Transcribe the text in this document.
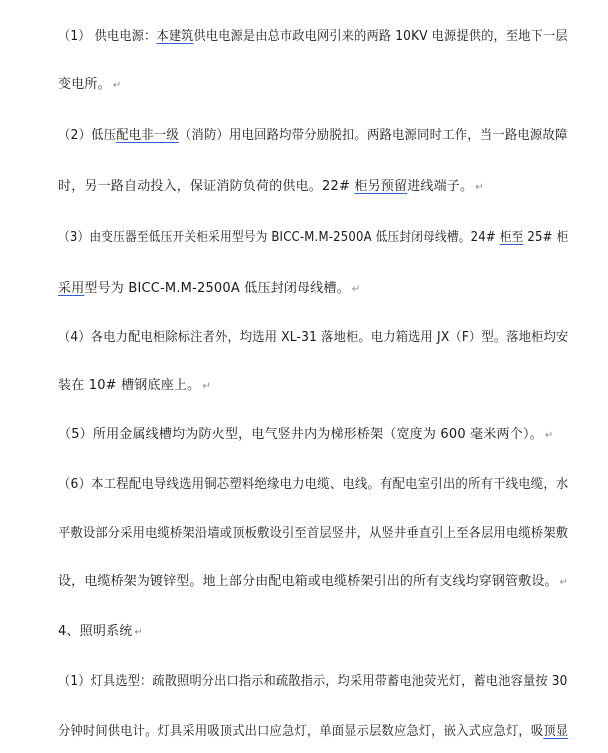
（1） 供电电源：本建筑供电电源是由总市政电网引来的两路 10KV 电源提供的，至地下一层
变电所。 ↵
（2）低压配电非一级（消防）用电回路均带分励脱扣。两路电源同时工作，当一路电源故障
时，另一路自动投入，保证消防负荷的供电。22# 柜另预留进线端子。 ↵
（3）由变压器至低压开关柜采用型号为 BICC-M.M-2500A 低压封闭母线槽。24# 柜至 25# 柜
采用型号为 BICC-M.M-2500A 低压封闭母线槽。 ↵
（4）各电力配电柜除标注者外，均选用 XL-31 落地柜。电力箱选用 JX（F）型。落地柜均安
装在 10# 槽钢底座上。 ↵
（5）所用金属线槽均为防火型，电气竖井内为梯形桥架（宽度为 600 毫米两个）。 ↵
（6）本工程配电导线选用铜芯塑料绝缘电力电缆、电线。有配电室引出的所有干线电缆，水
平敷设部分采用电缆桥架沿墙或顶板敷设引至首层竖井，从竖井垂直引上至各层用电缆桥架敷
设，电缆桥架为镀锌型。地上部分由配电箱或电缆桥架引出的所有支线均穿钢管敷设。 ↵
4、照明系统 ↵
（1）灯具选型：疏散照明分出口指示和疏散指示，均采用带蓄电池荧光灯，蓄电池容量按 30
分钟时间供电计。灯具采用吸顶式出口应急灯，单面显示层数应急灯，嵌入式应急灯，吸顶显
